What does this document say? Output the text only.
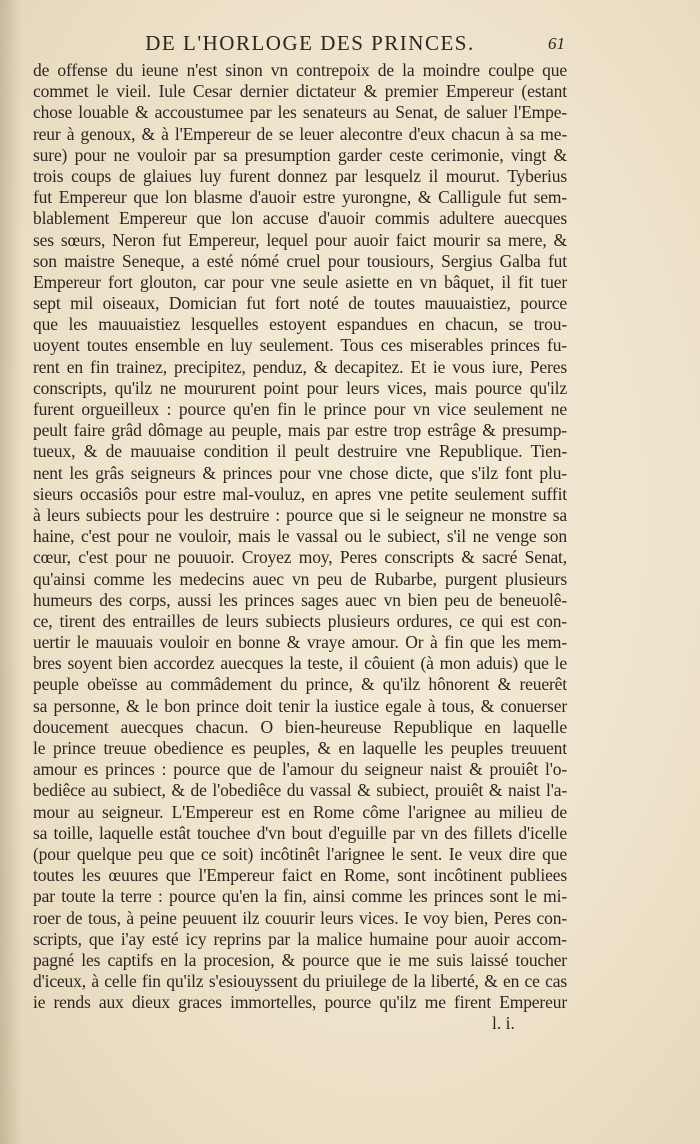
DE L'HORLOGE DES PRINCES.	61
de offense du ieune n'est sinon vn contrepoix de la moindre coulpe que
commet le vieil. Iule Cesar dernier dictateur & premier Empereur (estant
chose louable & accoustumee par les senateurs au Senat, de saluer l'Empe-
reur à genoux, & à l'Empereur de se leuer alecontre d'eux chacun à sa me-
sure) pour ne vouloir par sa presumption garder ceste cerimonie, vingt &
trois coups de glaiues luy furent donnez par lesquelz il mourut. Tyberius
fut Empereur que lon blasme d'auoir estre yurongne, & Calligule fut sem-
blablement Empereur que lon accuse d'auoir commis adultere auecques
ses sœurs, Neron fut Empereur, lequel pour auoir faict mourir sa mere, &
son maistre Seneque, a esté nómé cruel pour tousiours, Sergius Galba fut
Empereur fort glouton, car pour vne seule asiette en vn bâquet, il fit tuer
sept mil oiseaux, Domician fut fort noté de toutes mauuaistiez, pource
que les mauuaistiez lesquelles estoyent espandues en chacun, se trou-
uoyent toutes ensemble en luy seulement. Tous ces miserables princes fu-
rent en fin trainez, precipitez, penduz, & decapitez. Et ie vous iure, Peres
conscripts, qu'ilz ne moururent point pour leurs vices, mais pource qu'ilz
furent orgueilleux : pource qu'en fin le prince pour vn vice seulement ne
peult faire grâd dômage au peuple, mais par estre trop estrâge & presump-
tueux, & de mauuaise condition il peult destruire vne Republique. Tien-
nent les grâs seigneurs & princes pour vne chose dicte, que s'ilz font plu-
sieurs occasiôs pour estre mal-vouluz, en apres vne petite seulement suffit
à leurs subiects pour les destruire : pource que si le seigneur ne monstre sa
haine, c'est pour ne vouloir, mais le vassal ou le subiect, s'il ne venge son
cœur, c'est pour ne pouuoir. Croyez moy, Peres conscripts & sacré Senat,
qu'ainsi comme les medecins auec vn peu de Rubarbe, purgent plusieurs
humeurs des corps, aussi les princes sages auec vn bien peu de beneuolê-
ce, tirent des entrailles de leurs subiects plusieurs ordures, ce qui est con-
uertir le mauuais vouloir en bonne & vraye amour. Or à fin que les mem-
bres soyent bien accordez auecques la teste, il côuient (à mon aduis) que le
peuple obeïsse au commâdement du prince, & qu'ilz hônorent & reuerêt
sa personne, & le bon prince doit tenir la iustice egale à tous, & conuerser
doucement auecques chacun. O bien-heureuse Republique en laquelle
le prince treuue obedience es peuples, & en laquelle les peuples treuuent
amour es princes : pource que de l'amour du seigneur naist & prouiêt l'o-
bediêce au subiect, & de l'obediêce du vassal & subiect, prouiêt & naist l'a-
mour au seigneur. L'Empereur est en Rome côme l'arignee au milieu de
sa toille, laquelle estât touchee d'vn bout d'eguille par vn des fillets d'icelle
(pour quelque peu que ce soit) incôtinêt l'arignee le sent. Ie veux dire que
toutes les œuures que l'Empereur faict en Rome, sont incôtinent publiees
par toute la terre : pource qu'en la fin, ainsi comme les princes sont le mi-
roer de tous, à peine peuuent ilz couurir leurs vices. Ie voy bien, Peres con-
scripts, que i'ay esté icy reprins par la malice humaine pour auoir accom-
pagné les captifs en la procesion, & pource que ie me suis laissé toucher
d'iceux, à celle fin qu'ilz s'esiouyssent du priuilege de la liberté, & en ce cas
ie rends aux dieux graces immortelles, pource qu'ilz me firent Empereur
l. i.
